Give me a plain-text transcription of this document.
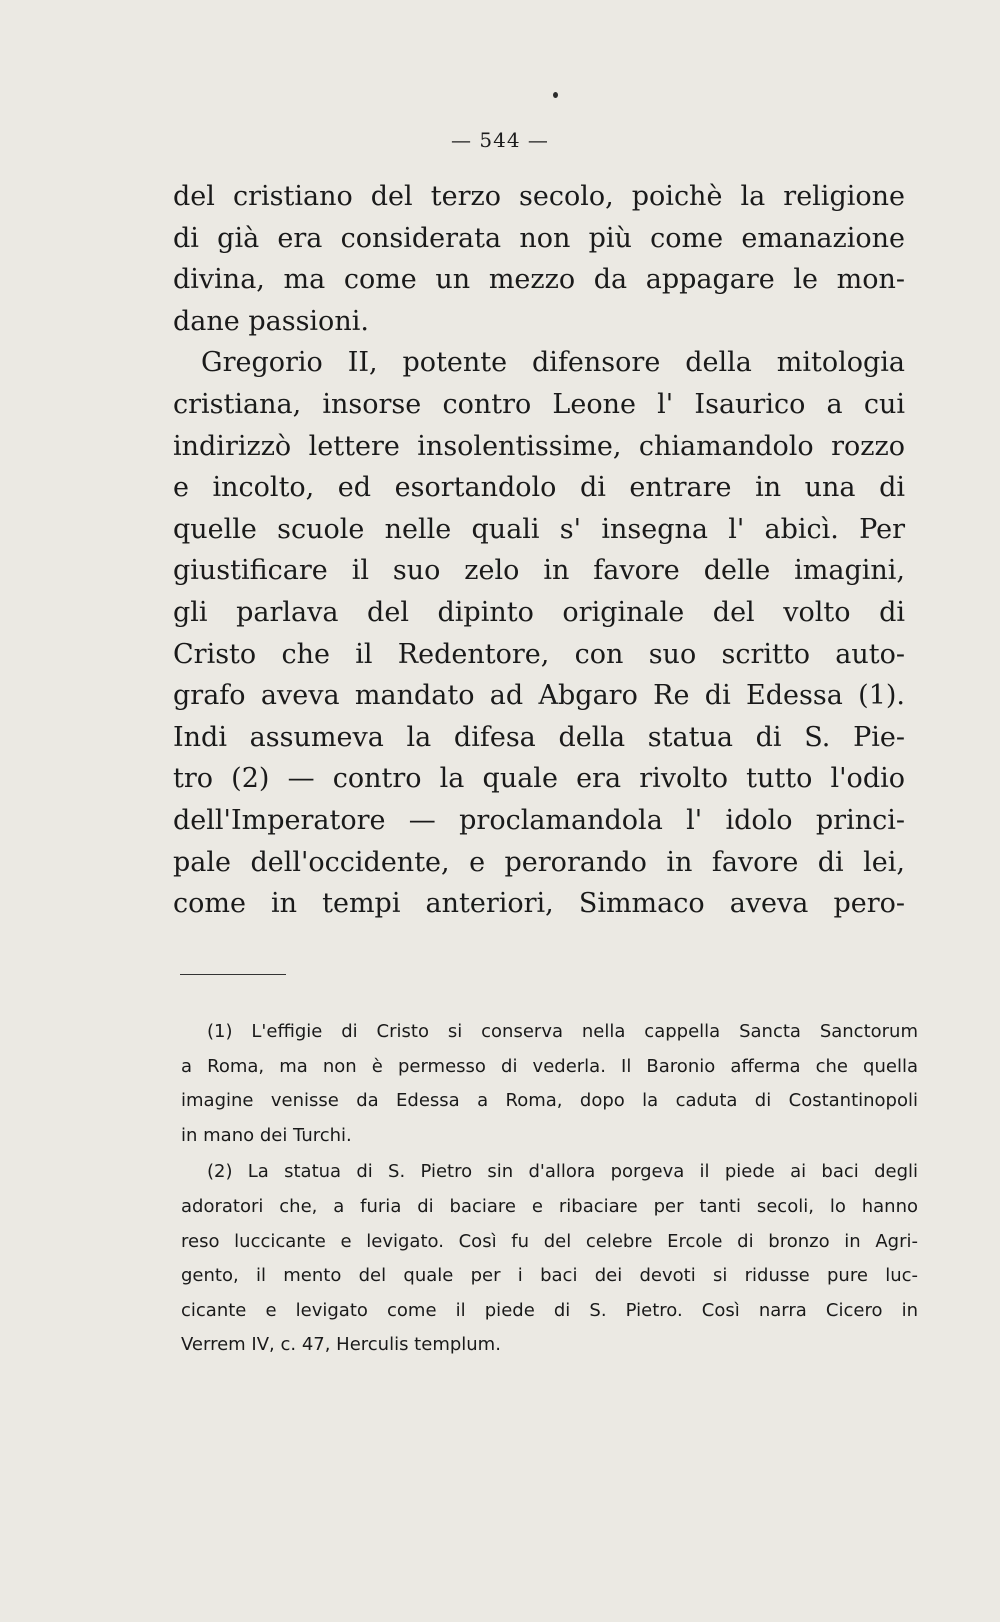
— 544 —
del cristiano del terzo secolo, poichè la religione
di già era considerata non più come emanazione
divina, ma come un mezzo da appagare le mon-
dane passioni.
Gregorio II, potente difensore della mitologia
cristiana, insorse contro Leone l' Isaurico a cui
indirizzò lettere insolentissime, chiamandolo rozzo
e incolto, ed esortandolo di entrare in una di
quelle scuole nelle quali s' insegna l' abicì. Per
giustificare il suo zelo in favore delle imagini,
gli parlava del dipinto originale del volto di
Cristo che il Redentore, con suo scritto auto-
grafo aveva mandato ad Abgaro Re di Edessa (1).
Indi assumeva la difesa della statua di S. Pie-
tro (2) — contro la quale era rivolto tutto l'odio
dell'Imperatore — proclamandola l' idolo princi-
pale dell'occidente, e perorando in favore di lei,
come in tempi anteriori, Simmaco aveva pero-
(1) L'effigie di Cristo si conserva nella cappella Sancta Sanctorum
a Roma, ma non è permesso di vederla. Il Baronio afferma che quella
imagine venisse da Edessa a Roma, dopo la caduta di Costantinopoli
in mano dei Turchi.
(2) La statua di S. Pietro sin d'allora porgeva il piede ai baci degli
adoratori che, a furia di baciare e ribaciare per tanti secoli, lo hanno
reso luccicante e levigato. Così fu del celebre Ercole di bronzo in Agri-
gento, il mento del quale per i baci dei devoti si ridusse pure luc-
cicante e levigato come il piede di S. Pietro. Così narra Cicero in
Verrem IV, c. 47, Herculis templum.
